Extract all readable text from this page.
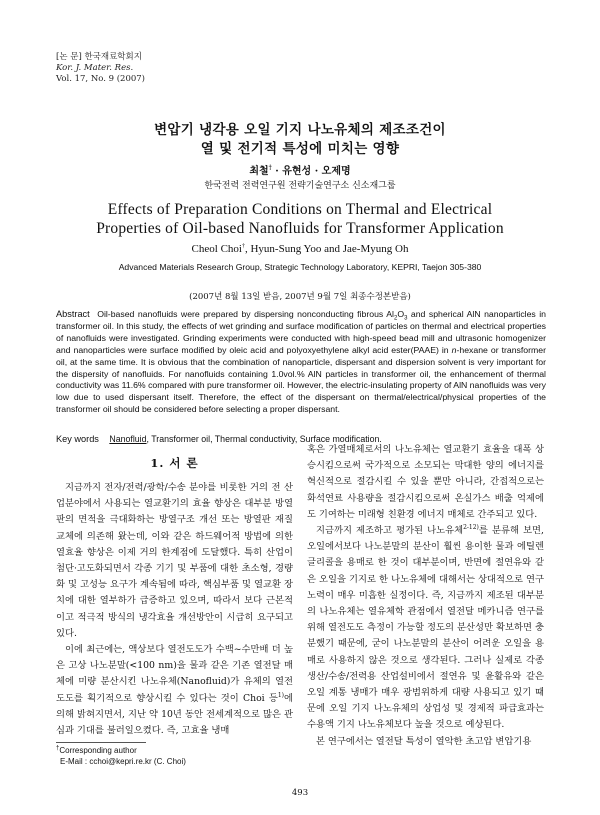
[논 문] 한국재료학회지
Kor. J. Mater. Res.
Vol. 17, No. 9 (2007)
변압기 냉각용 오일 기지 나노유체의 제조조건이
열 및 전기적 특성에 미치는 영향
최철† · 유현성 · 오제명
한국전력 전력연구원 전략기술연구소 신소재그룹
Effects of Preparation Conditions on Thermal and Electrical
Properties of Oil-based Nanofluids for Transformer Application
Cheol Choi†, Hyun-Sung Yoo and Jae-Myung Oh
Advanced Materials Research Group, Strategic Technology Laboratory, KEPRI, Taejon 305-380
(2007년 8월 13일 받음, 2007년 9월 7일 최종수정본받음)
Abstract Oil-based nanofluids were prepared by dispersing nonconducting fibrous $Al_2O_3$ and spherical AlN nanoparticles in transformer oil. In this study, the effects of wet grinding and surface modification of particles on thermal and electrical properties of nanofluids were investigated. Grinding experiments were conducted with high-speed bead mill and ultrasonic homogenizer and nanoparticles were surface modified by oleic acid and polyoxyethylene alkyl acid ester(PAAE) in n-hexane or transformer oil, at the same time. It is obvious that the combination of nanoparticle, dispersant and dispersion solvent is very important for the dispersity of nanofluids. For nanofluids containing 1.0vol.% AlN particles in transformer oil, the enhancement of thermal conductivity was 11.6% compared with pure transformer oil. However, the electric-insulating property of AlN nanofluids was very low due to used dispersant itself. Therefore, the effect of the dispersant on thermal/electrical/physical properties of the transformer oil should be considered before selecting a proper dispersant.
Key words Nanofluid, Transformer oil, Thermal conductivity, Surface modification.
1. 서 론

지금까지 전자/전력/광학/수송 분야를 비롯한 거의 전 산업분야에서 사용되는 열교환기의 효율 향상은 대부분 방열판의 면적을 극대화하는 방열구조 개선 또는 방열판 재질 교체에 의존해 왔는데, 이와 같은 하드웨어적 방법에 의한 열효율 향상은 이제 거의 한계점에 도달했다. 특히 산업이 첨단·고도화되면서 각종 기기 및 부품에 대한 초소형, 경량화 및 고성능 요구가 계속됨에 따라, 핵심부품 및 열교환 장치에 대한 열부하가 급증하고 있으며, 따라서 보다 근본적이고 적극적 방식의 냉각효율 개선방안이 시급히 요구되고 있다.

이에 최근에는, 액상보다 열전도도가 수백~수만배 더 높은 고상 나노분말(<100 nm)을 물과 같은 기존 열전달 매체에 미량 분산시킨 나노유체(Nanofluid)가 유체의 열전도도를 획기적으로 향상시킬 수 있다는 것이 Choi 등$^{1)}$에 의해 밝혀지면서, 지난 약 10년 동안 전세계적으로 많은 관심과 기대를 불러일으켰다. 즉, 고효율 냉매

혹은 가열매체로서의 나노유체는 열교환기 효율을 대폭 상승시킴으로써 국가적으로 소모되는 막대한 양의 에너지를 혁신적으로 절감시킬 수 있을 뿐만 아니라, 간접적으로는 화석연료 사용량을 절감시킴으로써 온실가스 배출 억제에도 기여하는 미래형 친환경 에너지 매체로 간주되고 있다.

지금까지 제조하고 평가된 나노유체$^{2-12)}$를 분류해 보면, 오일에서보다 나노분말의 분산이 훨씬 용이한 물과 에틸렌글리콜을 용매로 한 것이 대부분이며, 반면에 절연유와 같은 오일을 기지로 한 나노유체에 대해서는 상대적으로 연구노력이 매우 미흡한 실정이다. 즉, 지금까지 제조된 대부분의 나노유체는 열유체학 관점에서 열전달 메카니즘 연구를 위해 열전도도 측정이 가능할 정도의 분산성만 확보하면 충분했기 때문에, 굳이 나노분말의 분산이 어려운 오일을 용매로 사용하지 않은 것으로 생각된다. 그러나 실제로 각종 생산/수송/전력용 산업설비에서 절연유 및 윤활유와 같은 오일 계통 냉매가 매우 광범위하게 대량 사용되고 있기 때문에 오일 기지 나노유체의 상업성 및 경제적 파급효과는 수용액 기지 나노유체보다 높을 것으로 예상된다.

본 연구에서는 열전달 특성이 열악한 초고압 변압기용

†Corresponding author
E-Mail : cchoi@kepri.re.kr (C. Choi)
493
